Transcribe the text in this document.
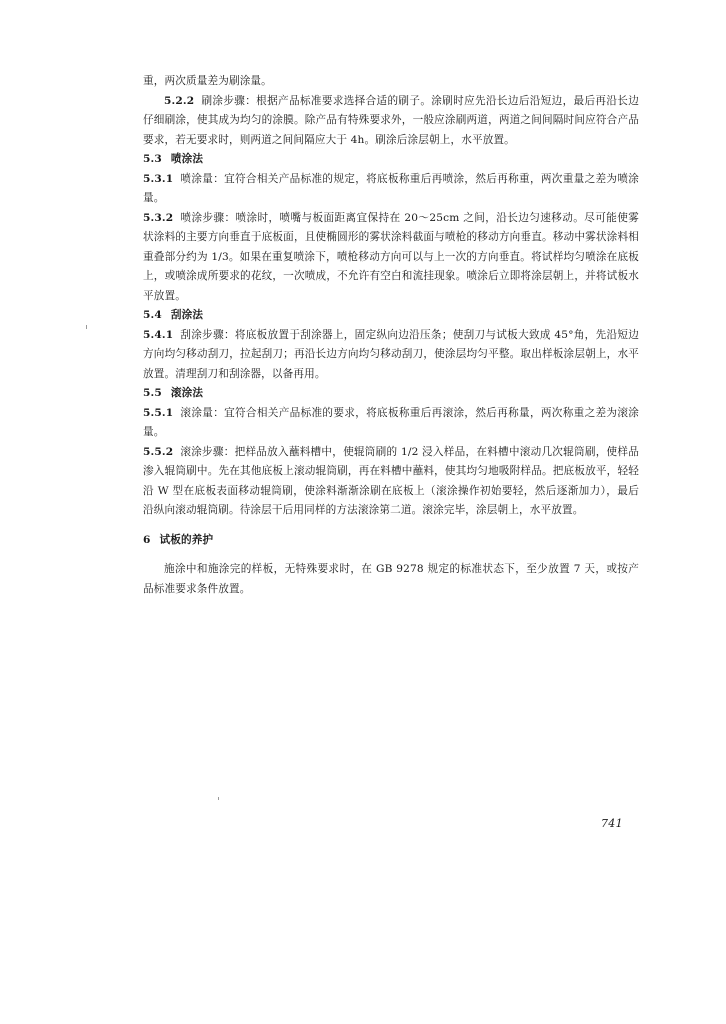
重，两次质量差为刷涂量。

5.2.2 刷涂步骤：根据产品标准要求选择合适的刷子。涂刷时应先沿长边后沿短边，最后再沿长边仔细刷涂，使其成为均匀的涂膜。除产品有特殊要求外，一般应涂刷两道，两道之间间隔时间应符合产品要求，若无要求时，则两道之间间隔应大于 4h。刷涂后涂层朝上，水平放置。

5.3 喷涂法

5.3.1 喷涂量：宜符合相关产品标准的规定，将底板称重后再喷涂，然后再称重，两次重量之差为喷涂量。

5.3.2 喷涂步骤：喷涂时，喷嘴与板面距离宜保持在 20～25cm 之间，沿长边匀速移动。尽可能使雾状涂料的主要方向垂直于底板面，且使椭圆形的雾状涂料截面与喷枪的移动方向垂直。移动中雾状涂料相重叠部分约为 1/3。如果在重复喷涂下，喷枪移动方向可以与上一次的方向垂直。将试样均匀喷涂在底板上，或喷涂成所要求的花纹，一次喷成，不允许有空白和流挂现象。喷涂后立即将涂层朝上，并将试板水平放置。

5.4 刮涂法

5.4.1 刮涂步骤：将底板放置于刮涂器上，固定纵向边沿压条；使刮刀与试板大致成 45°角，先沿短边方向均匀移动刮刀，拉起刮刀；再沿长边方向均匀移动刮刀，使涂层均匀平整。取出样板涂层朝上，水平放置。清理刮刀和刮涂器，以备再用。

5.5 滚涂法

5.5.1 滚涂量：宜符合相关产品标准的要求，将底板称重后再滚涂，然后再称量，两次称重之差为滚涂量。

5.5.2 滚涂步骤：把样品放入蘸料槽中，使辊筒刷的 1/2 浸入样品，在料槽中滚动几次辊筒刷，使样品渗入辊筒刷中。先在其他底板上滚动辊筒刷，再在料槽中蘸料，使其均匀地吸附样品。把底板放平，轻轻沿 W 型在底板表面移动辊筒刷，使涂料渐渐涂刷在底板上（滚涂操作初始要轻，然后逐渐加力），最后沿纵向滚动辊筒刷。待涂层干后用同样的方法滚涂第二道。滚涂完毕，涂层朝上，水平放置。

6 试板的养护

施涂中和施涂完的样板，无特殊要求时，在 GB 9278 规定的标准状态下，至少放置 7 天，或按产品标准要求条件放置。

741
